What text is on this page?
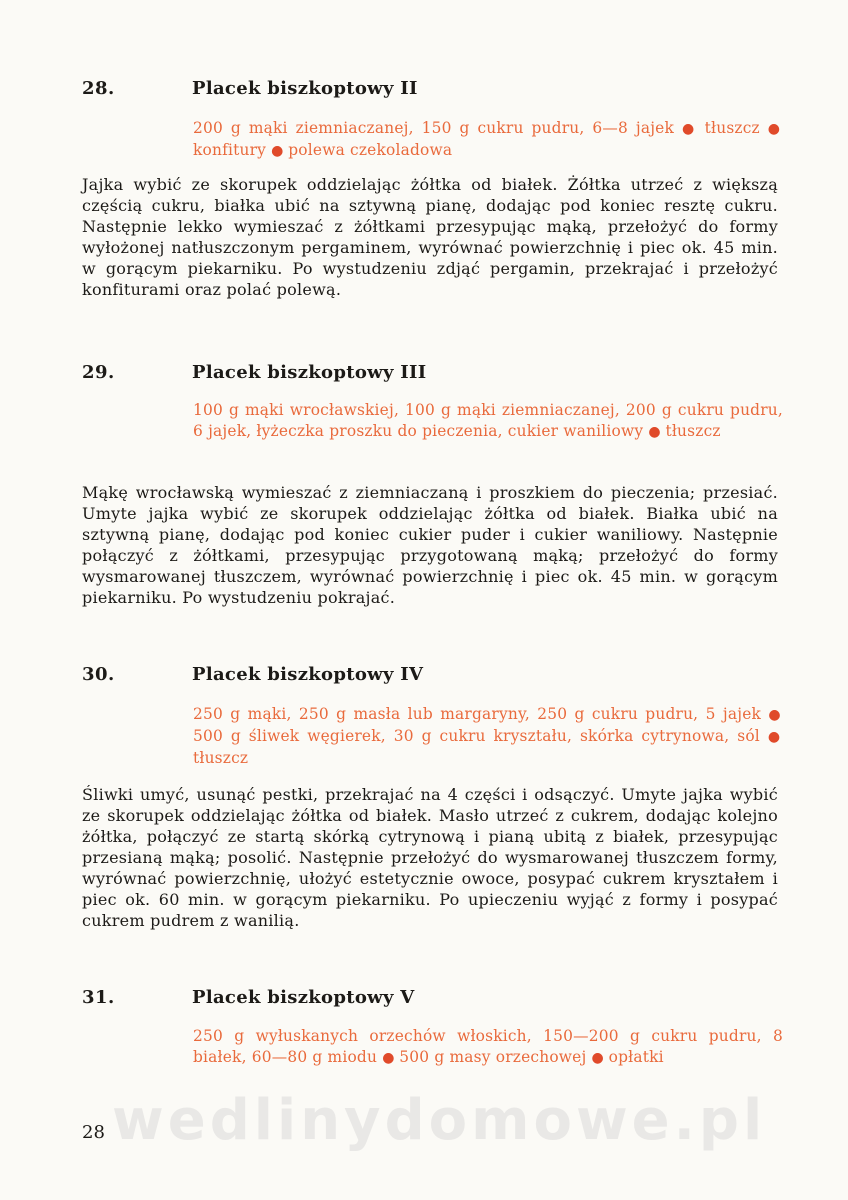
28.	Placek biszkoptowy II
200 g mąki ziemniaczanej, 150 g cukru pudru, 6—8 jajek ● tłuszcz ● konfitury ● polewa czekoladowa

Jajka wybić ze skorupek oddzielając żółtka od białek. Żółtka utrzeć z większą częścią cukru, białka ubić na sztywną pianę, dodając pod koniec resztę cukru. Następnie lekko wymieszać z żółtkami przesypując mąką, przełożyć do formy wyłożonej natłuszczonym pergaminem, wyrównać powierzchnię i piec ok. 45 min. w gorącym piekarniku. Po wystudzeniu zdjąć pergamin, przekrajać i przełożyć konfiturami oraz polać polewą.

29.	Placek biszkoptowy III
100 g mąki wrocławskiej, 100 g mąki ziemniaczanej, 200 g cukru pudru, 6 jajek, łyżeczka proszku do pieczenia, cukier waniliowy ● tłuszcz

Mąkę wrocławską wymieszać z ziemniaczaną i proszkiem do pieczenia; przesiać. Umyte jajka wybić ze skorupek oddzielając żółtka od białek. Białka ubić na sztywną pianę, dodając pod koniec cukier puder i cukier waniliowy. Następnie połączyć z żółtkami, przesypując przygotowaną mąką; przełożyć do formy wysmarowanej tłuszczem, wyrównać powierzchnię i piec ok. 45 min. w gorącym piekarniku. Po wystudzeniu pokrajać.

30.	Placek biszkoptowy IV
250 g mąki, 250 g masła lub margaryny, 250 g cukru pudru, 5 jajek ● 500 g śliwek węgierek, 30 g cukru kryształu, skórka cytrynowa, sól ● tłuszcz

Śliwki umyć, usunąć pestki, przekrajać na 4 części i odsączyć. Umyte jajka wybić ze skorupek oddzielając żółtka od białek. Masło utrzeć z cukrem, dodając kolejno żółtka, połączyć ze startą skórką cytrynową i pianą ubitą z białek, przesypując przesianą mąką; posolić. Następnie przełożyć do wysmarowanej tłuszczem formy, wyrównać powierzchnię, ułożyć estetycznie owoce, posypać cukrem kryształem i piec ok. 60 min. w gorącym piekarniku. Po upieczeniu wyjąć z formy i posypać cukrem pudrem z wanilią.

31.	Placek biszkoptowy V
250 g wyłuskanych orzechów włoskich, 150—200 g cukru pudru, 8 białek, 60—80 g miodu ● 500 g masy orzechowej ● opłatki
wedlinydomowe.pl
28
